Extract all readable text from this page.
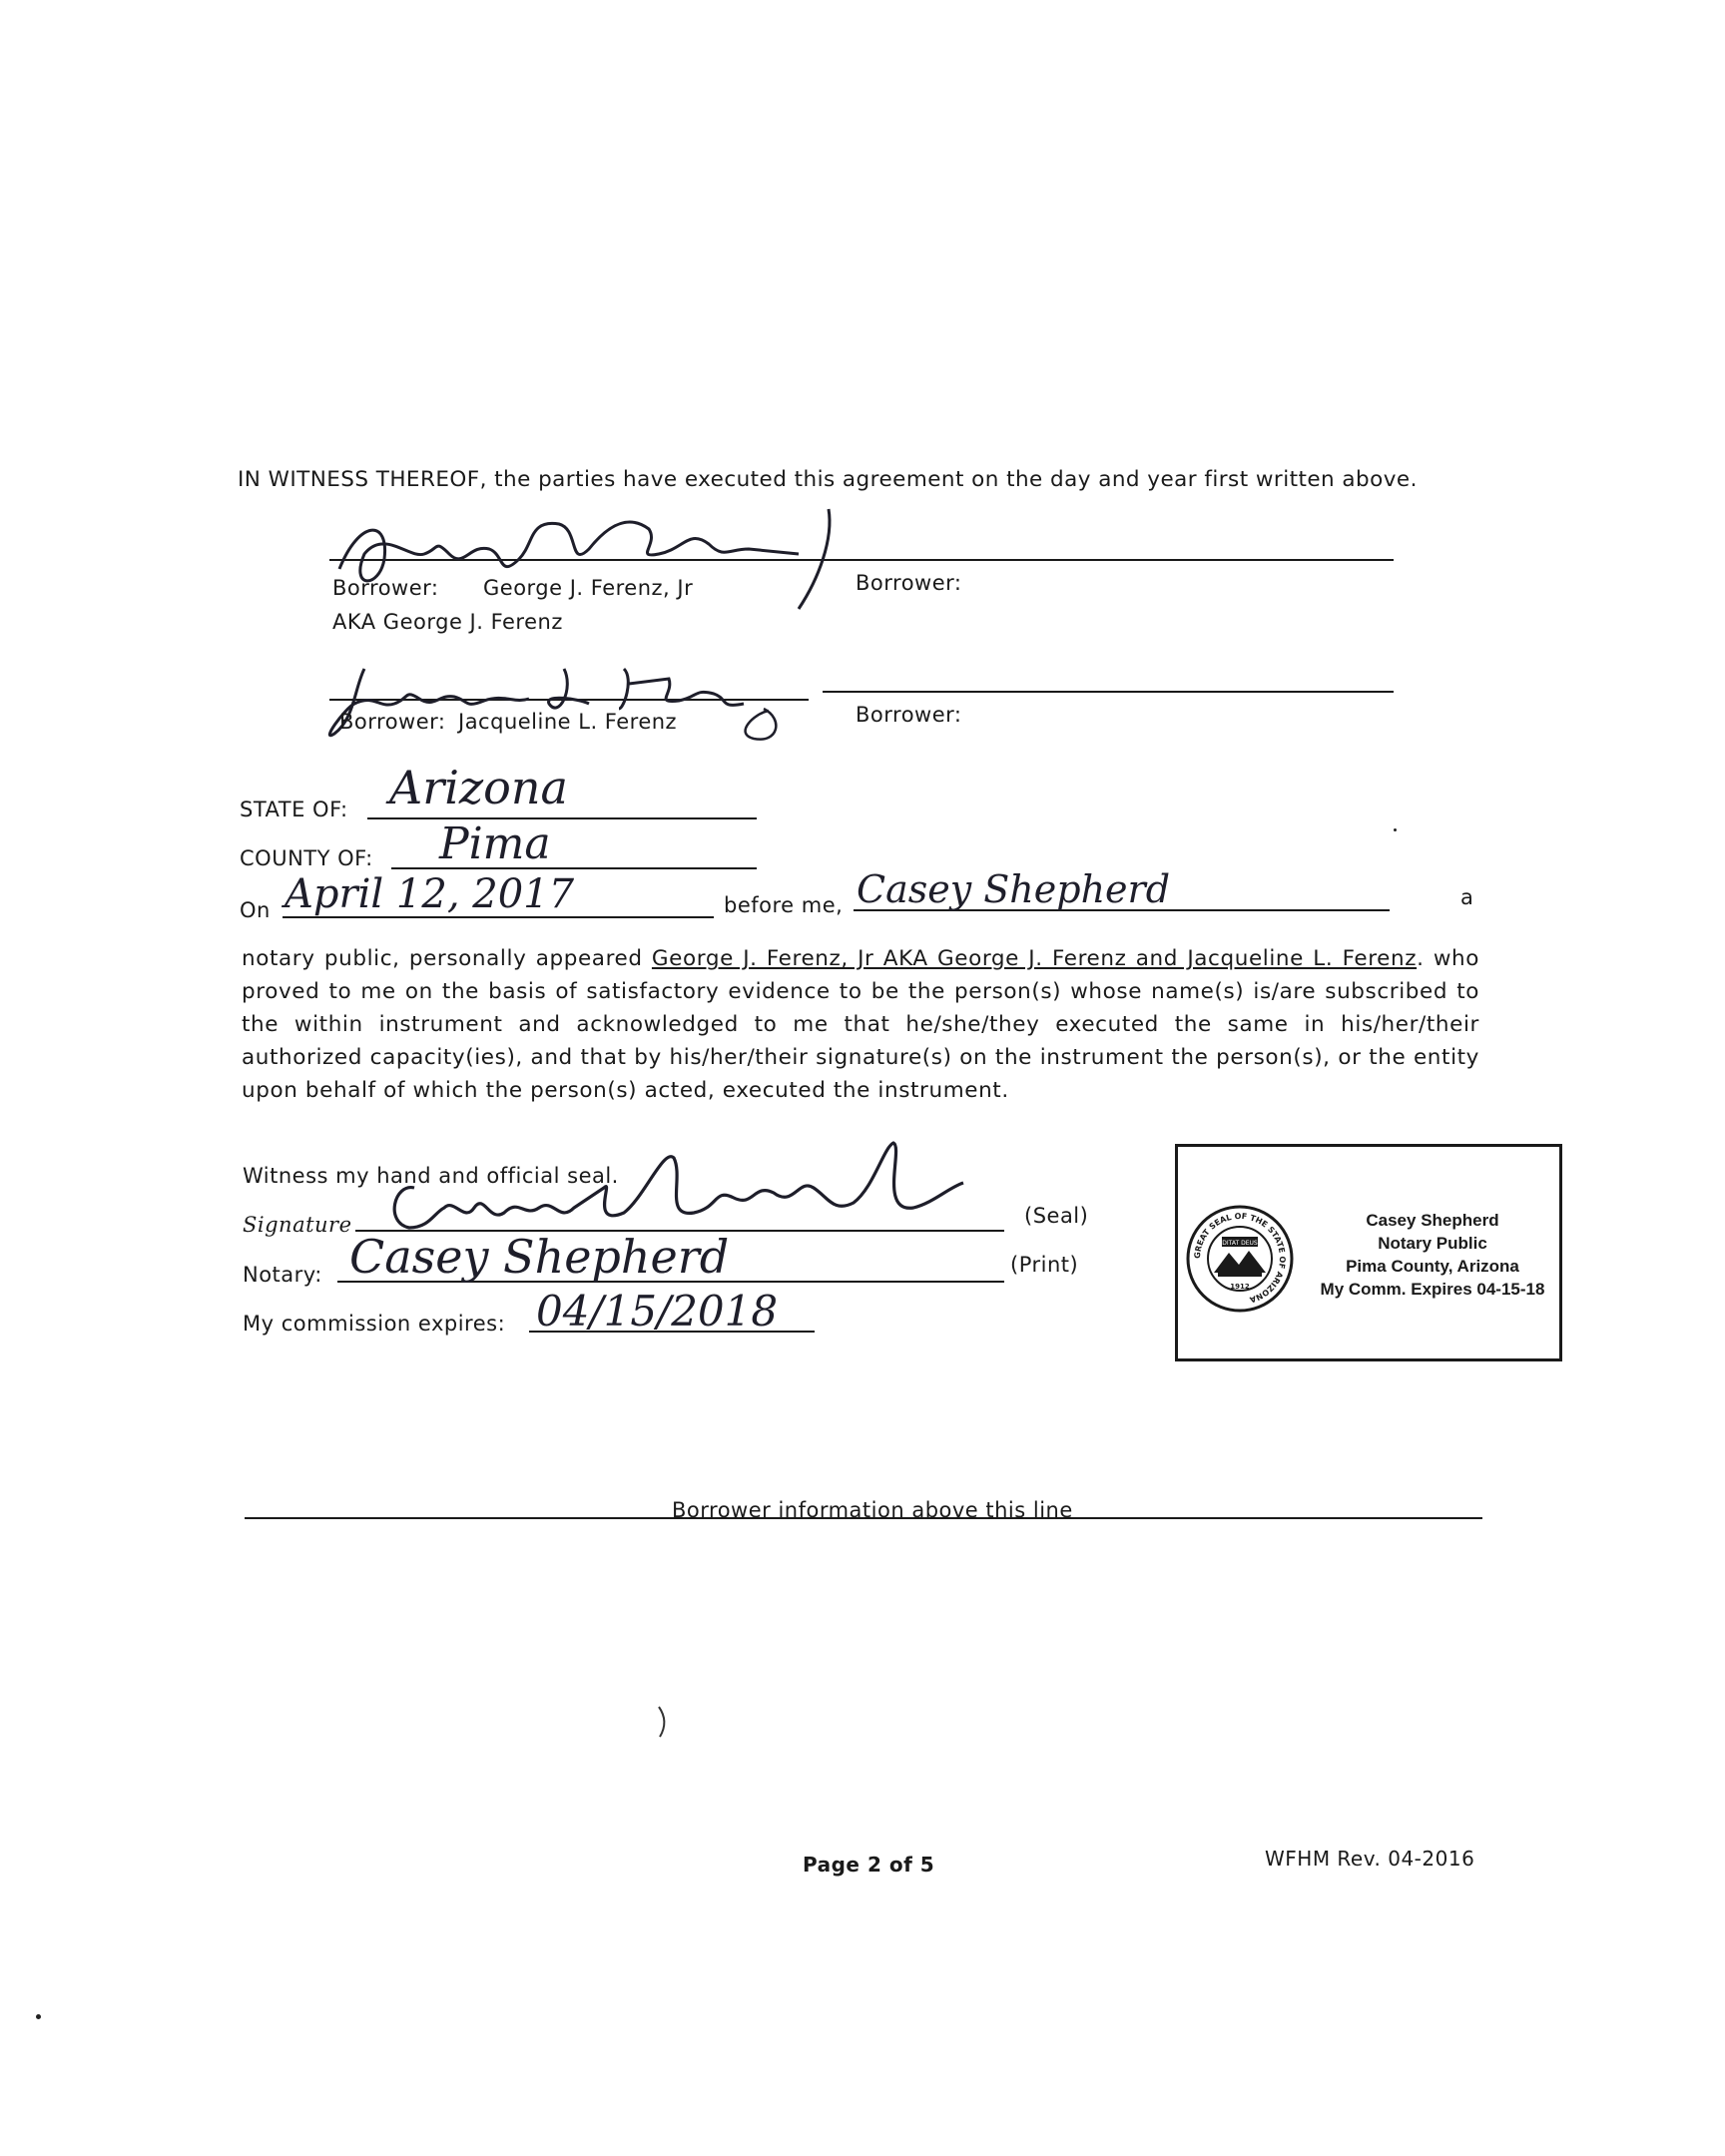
IN WITNESS THEREOF, the parties have executed this agreement on the day and year first written above.
Borrower: George J. Ferenz, Jr
AKA George J. Ferenz
Borrower:
Borrower: Jacqueline L. Ferenz	Borrower:
STATE OF: Arizona
COUNTY OF: Pima
On April 12, 2017	before me, Casey Shepherd	a
notary public, personally appeared George J. Ferenz, Jr AKA George J. Ferenz and Jacqueline L. Ferenz. who proved to me on the basis of satisfactory evidence to be the person(s) whose name(s) is/are subscribed to the within instrument and acknowledged to me that he/she/they executed the same in his/her/their authorized capacity(ies), and that by his/her/their signature(s) on the instrument the person(s), or the entity upon behalf of which the person(s) acted, executed the instrument.
Witness my hand and official seal.
Signature	(Seal)
Notary: Casey Shepherd	(Print)
My commission expires: 04/15/2018
GREAT SEAL OF THE STATE OF ARIZONA
DITAT DEUS
1912
Casey Shepherd
Notary Public
Pima County, Arizona
My Comm. Expires 04-15-18
Borrower information above this line
Page 2 of 5	WFHM Rev. 04-2016
